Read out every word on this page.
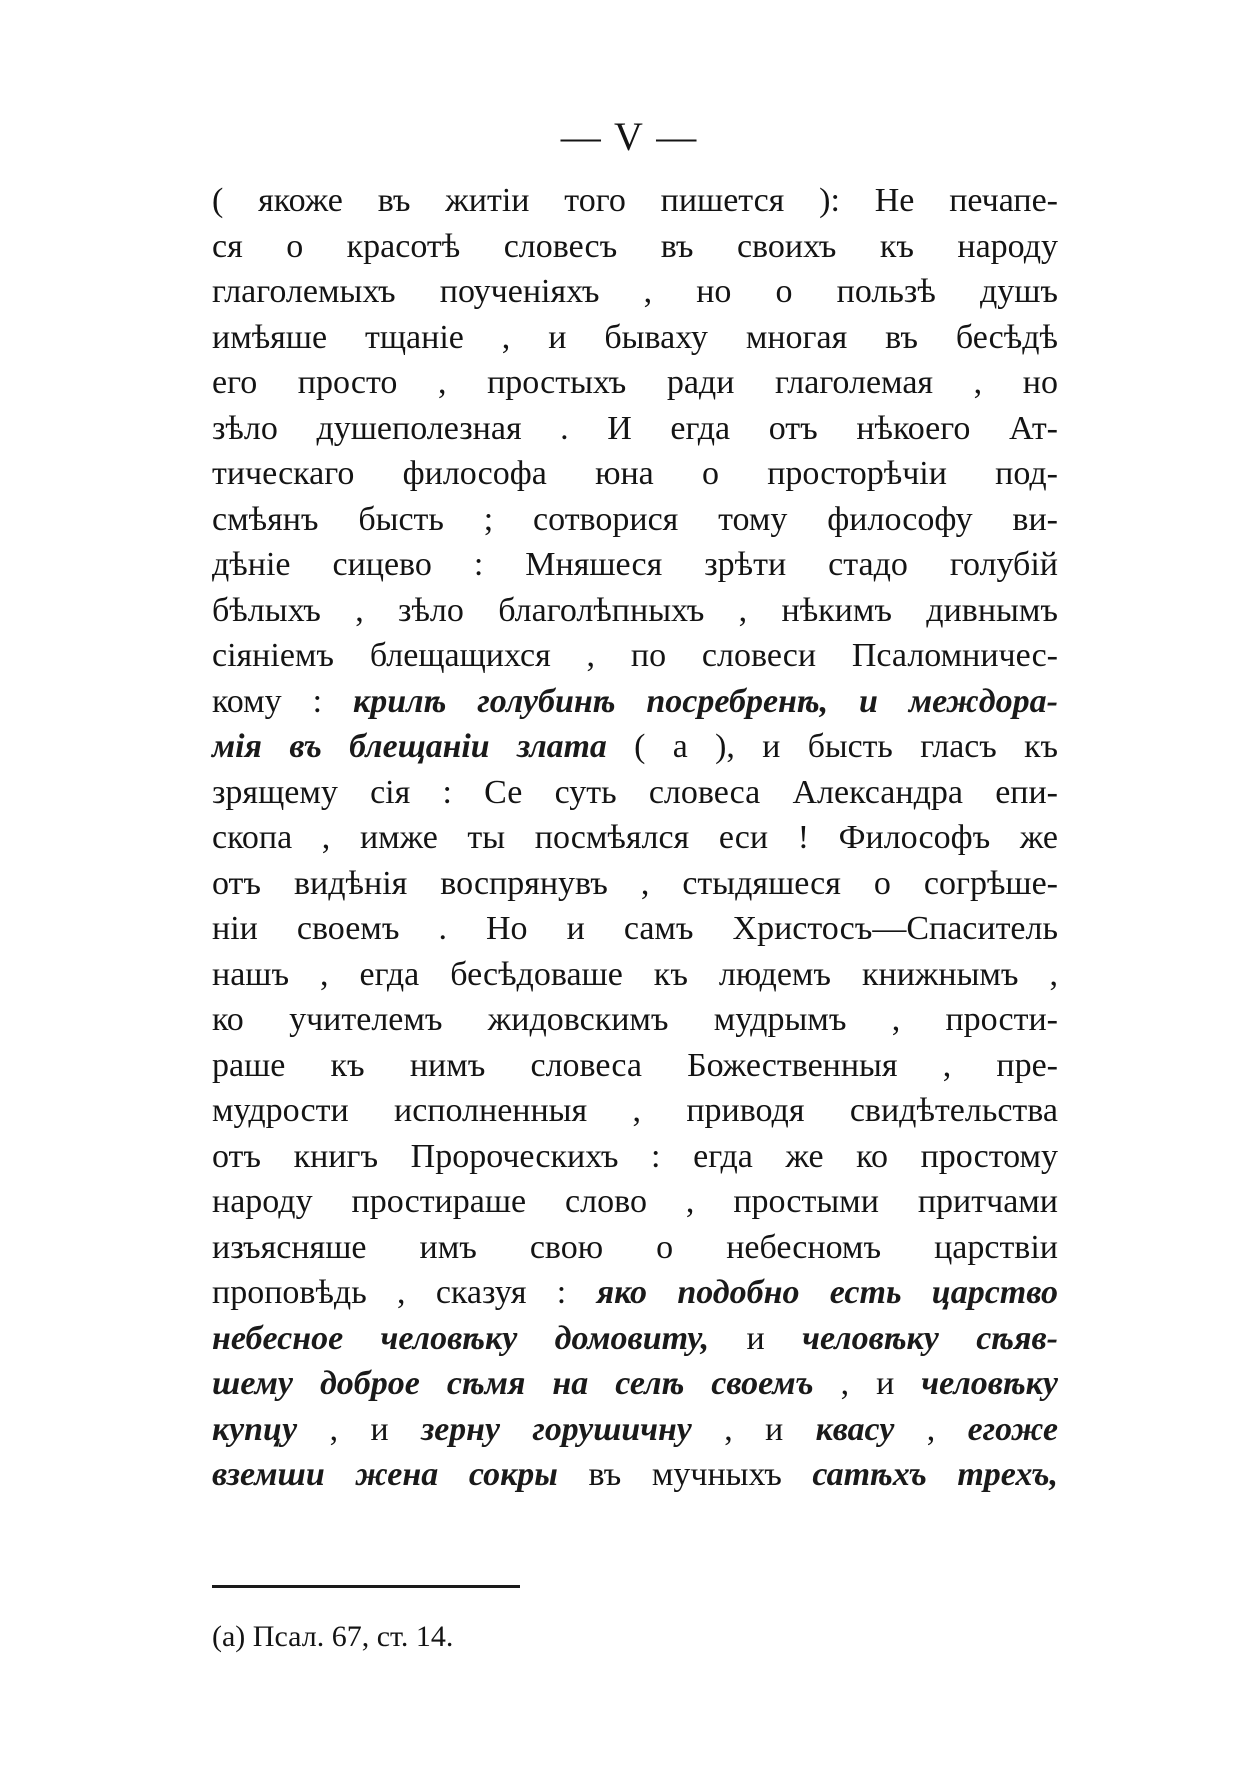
— V —
( якоже въ житіи того пишется ): Не печапе-
ся о красотѣ словесъ въ своихъ къ народу
глаголемыхъ поученіяхъ , но о пользѣ душъ
имѣяше тщаніе , и бываху многая въ бесѣдѣ
его просто , простыхъ ради глаголемая , но
зѣло душеполезная . И егда отъ нѣкоего Ат-
тическаго философа юна о просторѣчіи под-
смѣянъ бысть ; сотворися тому философу ви-
дѣніе сицево : Мняшеся зрѣти стадо голубій
бѣлыхъ , зѣло благолѣпныхъ , нѣкимъ дивнымъ
сіяніемъ блещащихся , по словеси Псаломничес-
кому : крилѣ голубинѣ посребренѣ, и междора-
мія въ блещаніи злата ( а ), и бысть гласъ къ
зрящему сія : Се суть словеса Александра епи-
скопа , имже ты посмѣялся еси ! Философъ же
отъ видѣнія воспрянувъ , стыдяшеся о согрѣше-
ніи своемъ . Но и самъ Христосъ—Спаситель
нашъ , егда бесѣдоваше къ людемъ книжнымъ ,
ко учителемъ жидовскимъ мудрымъ , прости-
раше къ нимъ словеса Божественныя , пре-
мудрости исполненныя , приводя свидѣтельства
отъ книгъ Пророческихъ : егда же ко простому
народу простираше слово , простыми притчами
изъясняше имъ свою о небесномъ царствіи
проповѣдь , сказуя : яко подобно есть царство
небесное человѣку домовиту, и человѣку сѣяв-
шему доброе сѣмя на селѣ своемъ , и человѣку
купцу , и зерну горушичну , и квасу , егоже
вземши жена сокры въ мучныхъ сатѣхъ трехъ,
(а) Псал. 67, ст. 14.
